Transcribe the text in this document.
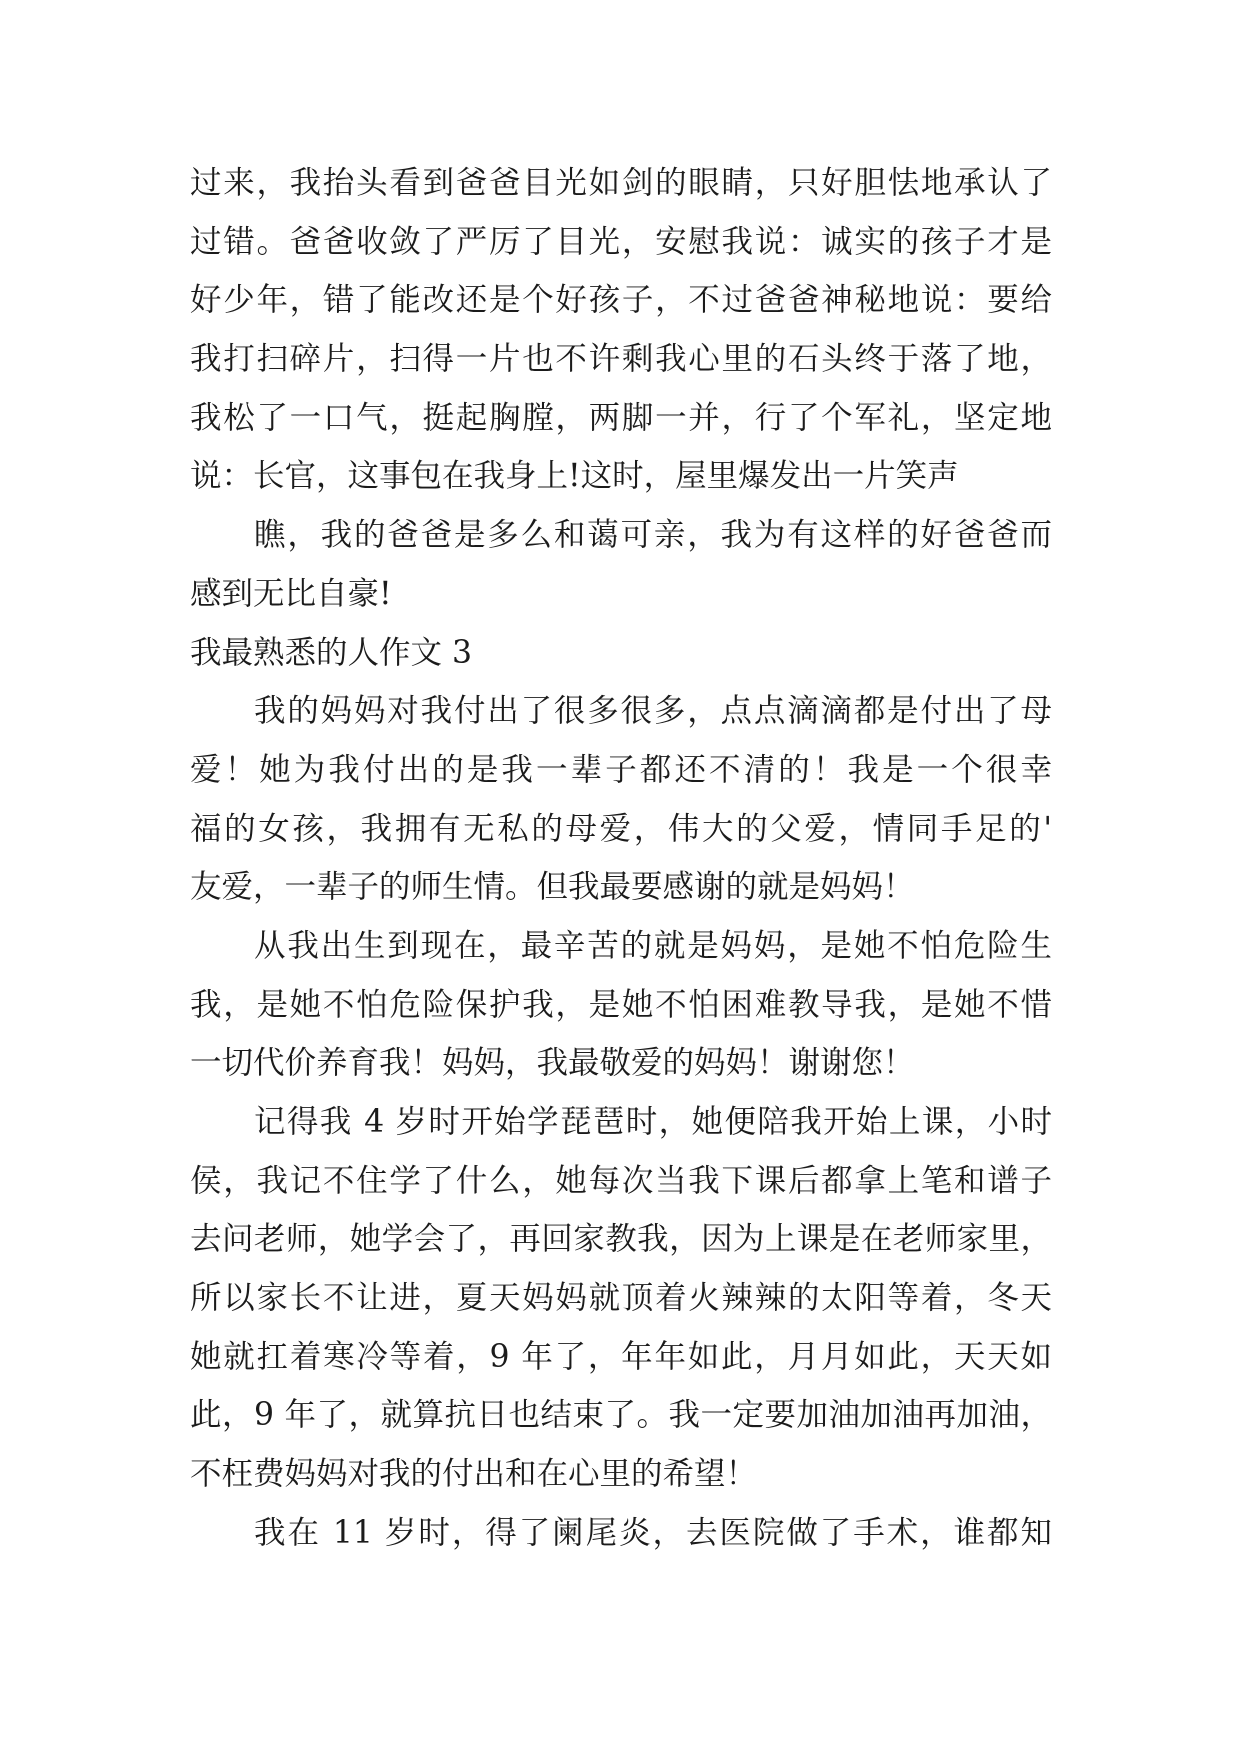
过来，我抬头看到爸爸目光如剑的眼睛，只好胆怯地承认了
过错。爸爸收敛了严厉了目光，安慰我说：诚实的孩子才是
好少年，错了能改还是个好孩子，不过爸爸神秘地说：要给
我打扫碎片，扫得一片也不许剩我心里的石头终于落了地，
我松了一口气，挺起胸膛，两脚一并，行了个军礼，坚定地
说：长官，这事包在我身上!这时，屋里爆发出一片笑声
瞧，我的爸爸是多么和蔼可亲，我为有这样的好爸爸而
感到无比自豪!
我最熟悉的人作文 3
我的妈妈对我付出了很多很多，点点滴滴都是付出了母
爱！她为我付出的是我一辈子都还不清的！我是一个很幸
福的女孩，我拥有无私的母爱，伟大的父爱，情同手足的'
友爱，一辈子的师生情。但我最要感谢的就是妈妈！
从我出生到现在，最辛苦的就是妈妈，是她不怕危险生
我，是她不怕危险保护我，是她不怕困难教导我，是她不惜
一切代价养育我！妈妈，我最敬爱的妈妈！谢谢您！
记得我 4 岁时开始学琵琶时，她便陪我开始上课，小时
侯，我记不住学了什么，她每次当我下课后都拿上笔和谱子
去问老师，她学会了，再回家教我，因为上课是在老师家里，
所以家长不让进，夏天妈妈就顶着火辣辣的太阳等着，冬天
她就扛着寒冷等着，9 年了，年年如此，月月如此，天天如
此，9 年了，就算抗日也结束了。我一定要加油加油再加油，
不枉费妈妈对我的付出和在心里的希望！
我在 11 岁时，得了阑尾炎，去医院做了手术，谁都知
